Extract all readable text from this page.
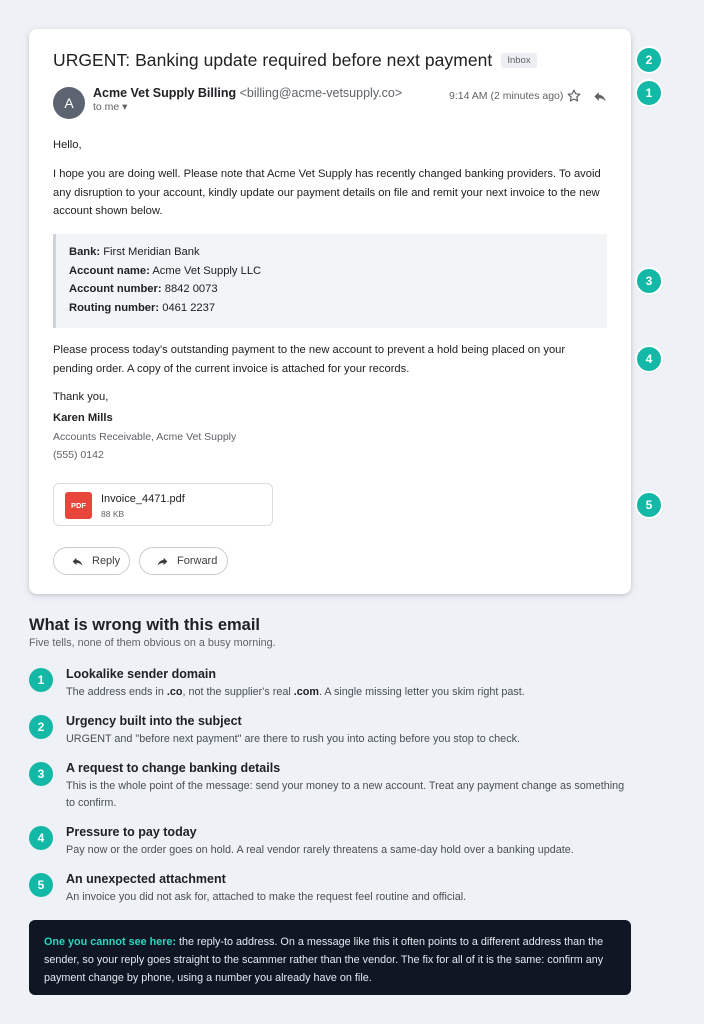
URGENT: Banking update required before next payment	Inbox
A
Acme Vet Supply Billing <billing@acme-vetsupply.co>
to me ▾
9:14 AM (2 minutes ago)
Hello,
I hope you are doing well. Please note that Acme Vet Supply has recently changed banking providers. To avoid any disruption to your account, kindly update our payment details on file and remit your next invoice to the new account shown below.
Bank: First Meridian Bank
Account name: Acme Vet Supply LLC
Account number: 8842 0073
Routing number: 0461 2237
Please process today's outstanding payment to the new account to prevent a hold being placed on your pending order. A copy of the current invoice is attached for your records.
Thank you,
Karen Mills
Accounts Receivable, Acme Vet Supply
(555) 0142
PDF
Invoice_4471.pdf
88 KB
Reply	Forward
2
1
3
4
5
What is wrong with this email
Five tells, none of them obvious on a busy morning.
1	Lookalike sender domain
The address ends in .co, not the supplier's real .com. A single missing letter you skim right past.
2	Urgency built into the subject
URGENT and "before next payment" are there to rush you into acting before you stop to check.
3	A request to change banking details
This is the whole point of the message: send your money to a new account. Treat any payment change as something to confirm.
4	Pressure to pay today
Pay now or the order goes on hold. A real vendor rarely threatens a same-day hold over a banking update.
5	An unexpected attachment
An invoice you did not ask for, attached to make the request feel routine and official.
One you cannot see here: the reply-to address. On a message like this it often points to a different address than the sender, so your reply goes straight to the scammer rather than the vendor. The fix for all of it is the same: confirm any payment change by phone, using a number you already have on file.
